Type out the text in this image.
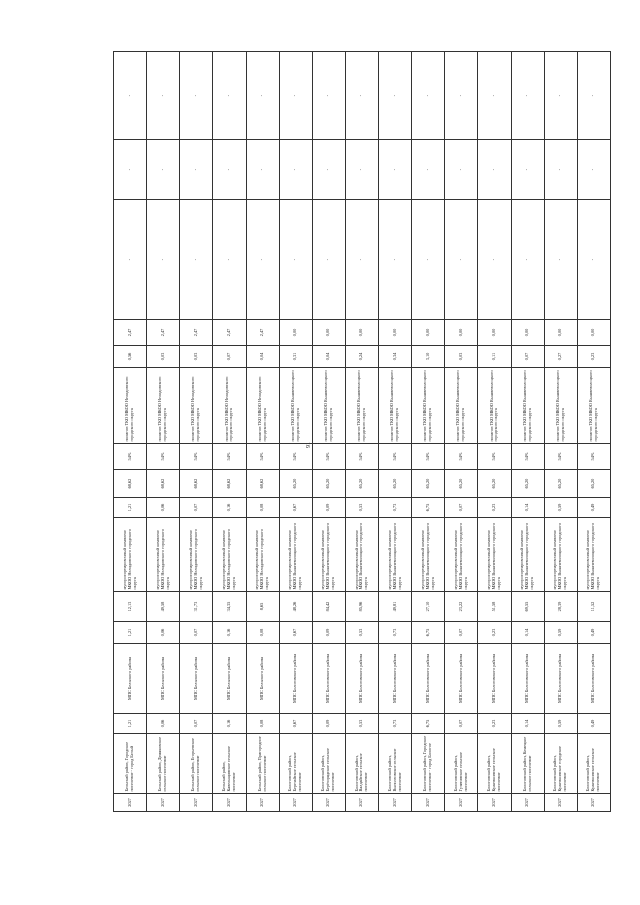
91
2027	Бельский район, Городское поселение - город Белый	1,21	МПС Бельского района	1,21	12,13	мусоросортировочный комплекс МКОО Нелидовского городского округа	1,21	68,62	54%	полигон ТКО МКОО Нелидовского городского округа	0,56	2,47	-	-	-
2027	Бельский район, Демяховское сельское поселение	0,06	МПС Бельского района	0,06	49,58	мусоросортировочный комплекс МКОО Нелидовского городского округа	0,06	68,62	54%	полигон ТКО МКОО Нелидовского городского округа	0,03	2,47	-	-	-
2027	Бельский район, Егорьевское сельское поселение	0,07	МПС Бельского района	0,07	31,73	мусоросортировочный комплекс МКОО Нелидовского городского округа	0,07	68,62	54%	полигон ТКО МКОО Нелидовского городского округа	0,03	2,47	-	-	-
2027	Бельский район, Кавельщинское сельское поселение	0,16	МПС Бельского района	0,16	34,35	мусоросортировочный комплекс МКОО Нелидовского городского округа	0,16	68,62	54%	полигон ТКО МКОО Нелидовского городского округа	0,07	2,47	-	-	-
2027	Бельский район, Пригородное сельское поселение	0,08	МПС Бельского района	0,08	8,65	мусоросортировочный комплекс МКОО Нелидовского городского округа	0,08	68,62	54%	полигон ТКО МКОО Нелидовского городского округа	0,04	2,47	-	-	-
2027	Бологовский район, Березайское сельское поселение	0,67	МПС Бологовского района	0,67	48,26	мусоросортировочный комплекс МКОО Вышневолоцкого городского округа	0,67	65,20	54%	полигон ТКО МКОО Вышневолоцкого городского округа	0,31	0,00	-	-	-
2027	Бологовский район, Берёзорядское сельское поселение	0,09	МПС Бологовского района	0,09	84,42	мусоросортировочный комплекс МКОО Вышневолоцкого городского округа	0,09	65,20	54%	полигон ТКО МКОО Вышневолоцкого городского округа	0,04	0,00	-	-	-
2027	Бологовский район, Валдайское сельское поселение	0,53	МПС Бологовского района	0,53	85,96	мусоросортировочный комплекс МКОО Вышневолоцкого городского округа	0,53	65,20	54%	полигон ТКО МКОО Вышневолоцкого городского округа	0,24	0,00	-	-	-
2027	Бологовский район, Выползовское сельское поселение	0,73	МПС Бологовского района	0,73	49,81	мусоросортировочный комплекс МКОО Вышневолоцкого городского округа	0,73	65,20	54%	полигон ТКО МКОО Вышневолоцкого городского округа	0,34	0,00	-	-	-
2027	Бологовский район, Городское поселение - город Бологое	6,75	МПС Бологовского района	6,75	27,10	мусоросортировочный комплекс МКОО Вышневолоцкого городского округа	6,75	65,20	54%	полигон ТКО МКОО Вышневолоцкого городского округа	3,10	0,00	-	-	-
2027	Бологовский район, Гузятинское сельское поселение	0,07	МПС Бологовского района	0,07	23,22	мусоросортировочный комплекс МКОО Вышневолоцкого городского округа	0,07	65,20	54%	полигон ТКО МКОО Вышневолоцкого городского округа	0,03	0,00	-	-	-
2027	Бологовский район, Куженкинское сельское поселение	0,23	МПС Бологовского района	0,23	51,58	мусоросортировочный комплекс МКОО Вышневолоцкого городского округа	0,23	65,20	54%	полигон ТКО МКОО Вышневолоцкого городского округа	0,11	0,00	-	-	-
2027	Бологовский район, Кемецкое сельское поселение	0,14	МПС Бологовского района	0,14	69,55	мусоросортировочный комплекс МКОО Вышневолоцкого городского округа	0,14	65,20	54%	полигон ТКО МКОО Вышневолоцкого городского округа	0,07	0,00	-	-	-
2027	Бологовский район, Куженкинское городское поселение	0,59	МПС Бологовского района	0,59	28,39	мусоросортировочный комплекс МКОО Вышневолоцкого городского округа	0,59	65,20	54%	полигон ТКО МКОО Вышневолоцкого городского округа	0,27	0,00	-	-	-
2027	Бологовский район, Куженкинское сельское поселение	0,49	МПС Бологовского района	0,49	11,52	мусоросортировочный комплекс МКОО Вышневолоцкого городского округа	0,49	65,20	54%	полигон ТКО МКОО Вышневолоцкого городского округа	0,23	0,00	-	-	-
